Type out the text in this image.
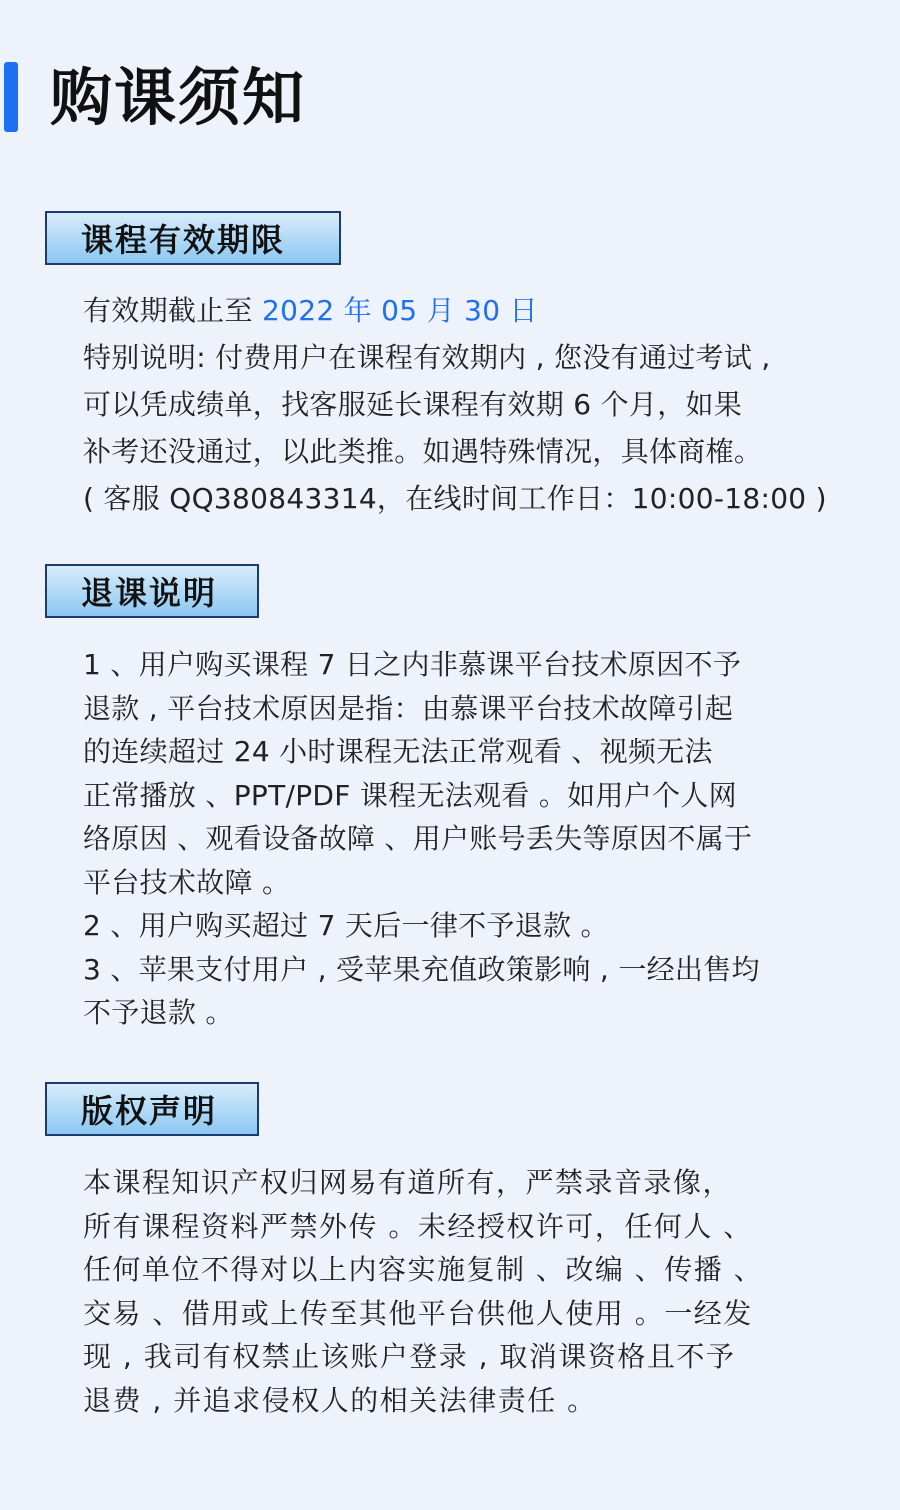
购课须知
课程有效期限
有效期截止至 2022 年 05 月 30 日
特别说明: 付费用户在课程有效期内 , 您没有通过考试 ,
可以凭成绩单，找客服延长课程有效期 6 个月，如果
补考还没通过，以此类推。如遇特殊情况，具体商榷。
( 客服 QQ380843314，在线时间工作日：10:00-18:00 )
退课说明
1 、用户购买课程 7 日之内非慕课平台技术原因不予
退款 , 平台技术原因是指：由慕课平台技术故障引起
的连续超过 24 小时课程无法正常观看 、视频无法
正常播放 、PPT/PDF 课程无法观看 。如用户个人网
络原因 、观看设备故障 、用户账号丢失等原因不属于
平台技术故障 。
2 、用户购买超过 7 天后一律不予退款 。
3 、苹果支付用户 , 受苹果充值政策影响 , 一经出售均
不予退款 。
版权声明
本课程知识产权归网易有道所有，严禁录音录像，
所有课程资料严禁外传 。未经授权许可，任何人 、
任何单位不得对以上内容实施复制 、改编 、传播 、
交易 、借用或上传至其他平台供他人使用 。一经发
现 , 我司有权禁止该账户登录 , 取消课资格且不予
退费 , 并追求侵权人的相关法律责任 。
